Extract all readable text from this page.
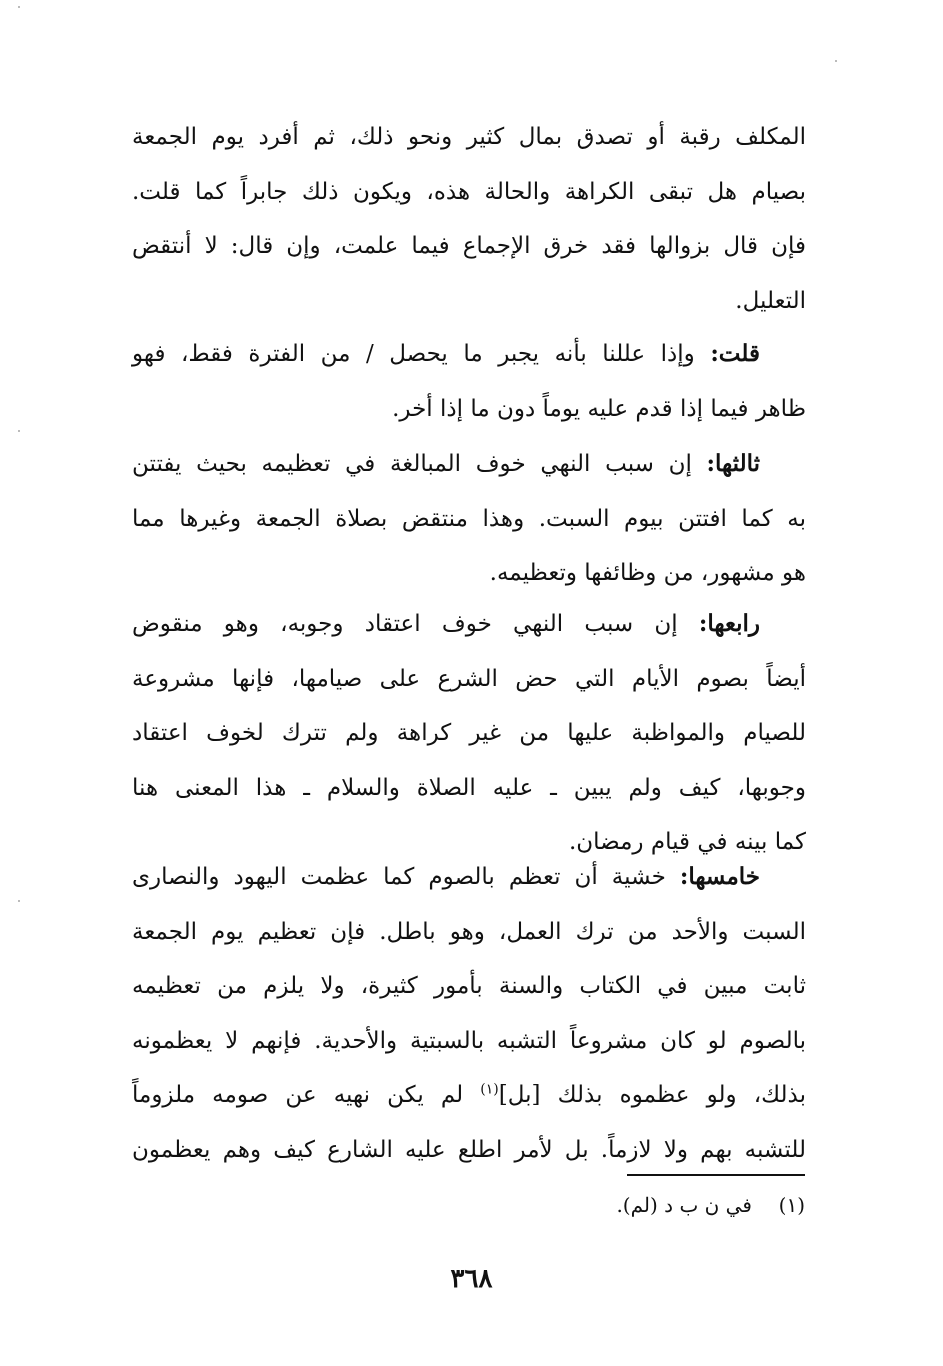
المكلف رقبة أو تصدق بمال كثير ونحو ذلك، ثم أفرد يوم الجمعة
بصيام هل تبقى الكراهة والحالة هذه، ويكون ذلك جابراً كما قلت.
فإن قال بزوالها فقد خرق الإجماع فيما علمت، وإن قال: لا أنتقض
التعليل.
قلت: وإذا عللنا بأنه يجبر ما يحصل / من الفترة فقط، فهو
ظاهر فيما إذا قدم عليه يوماً دون ما إذا أخر.
ثالثها: إن سبب النهي خوف المبالغة في تعظيمه بحيث يفتتن
به كما افتتن بيوم السبت. وهذا منتقض بصلاة الجمعة وغيرها مما
هو مشهور، من وظائفها وتعظيمه.
رابعها: إن سبب النهي خوف اعتقاد وجوبه، وهو منقوض
أيضاً بصوم الأيام التي حض الشرع على صيامها، فإنها مشروعة
للصيام والمواظبة عليها من غير كراهة ولم تترك لخوف اعتقاد
وجوبها، كيف ولم يبين ـ عليه الصلاة والسلام ـ هذا المعنى هنا
كما بينه في قيام رمضان.
خامسها: خشية أن تعظم بالصوم كما عظمت اليهود والنصارى
السبت والأحد من ترك العمل، وهو باطل. فإن تعظيم يوم الجمعة
ثابت مبين في الكتاب والسنة بأمور كثيرة، ولا يلزم من تعظيمه
بالصوم لو كان مشروعاً التشبه بالسبتية والأحدية. فإنهم لا يعظمونه
بذلك، ولو عظموه بذلك [بل]$^{(١)}$ لم يكن نهيه عن صومه ملزوماً
للتشبه بهم ولا لازماً. بل لأمر اطلع عليه الشارع كيف وهم يعظمون
(١)  في ن ب د (لم).
٣٦٨
